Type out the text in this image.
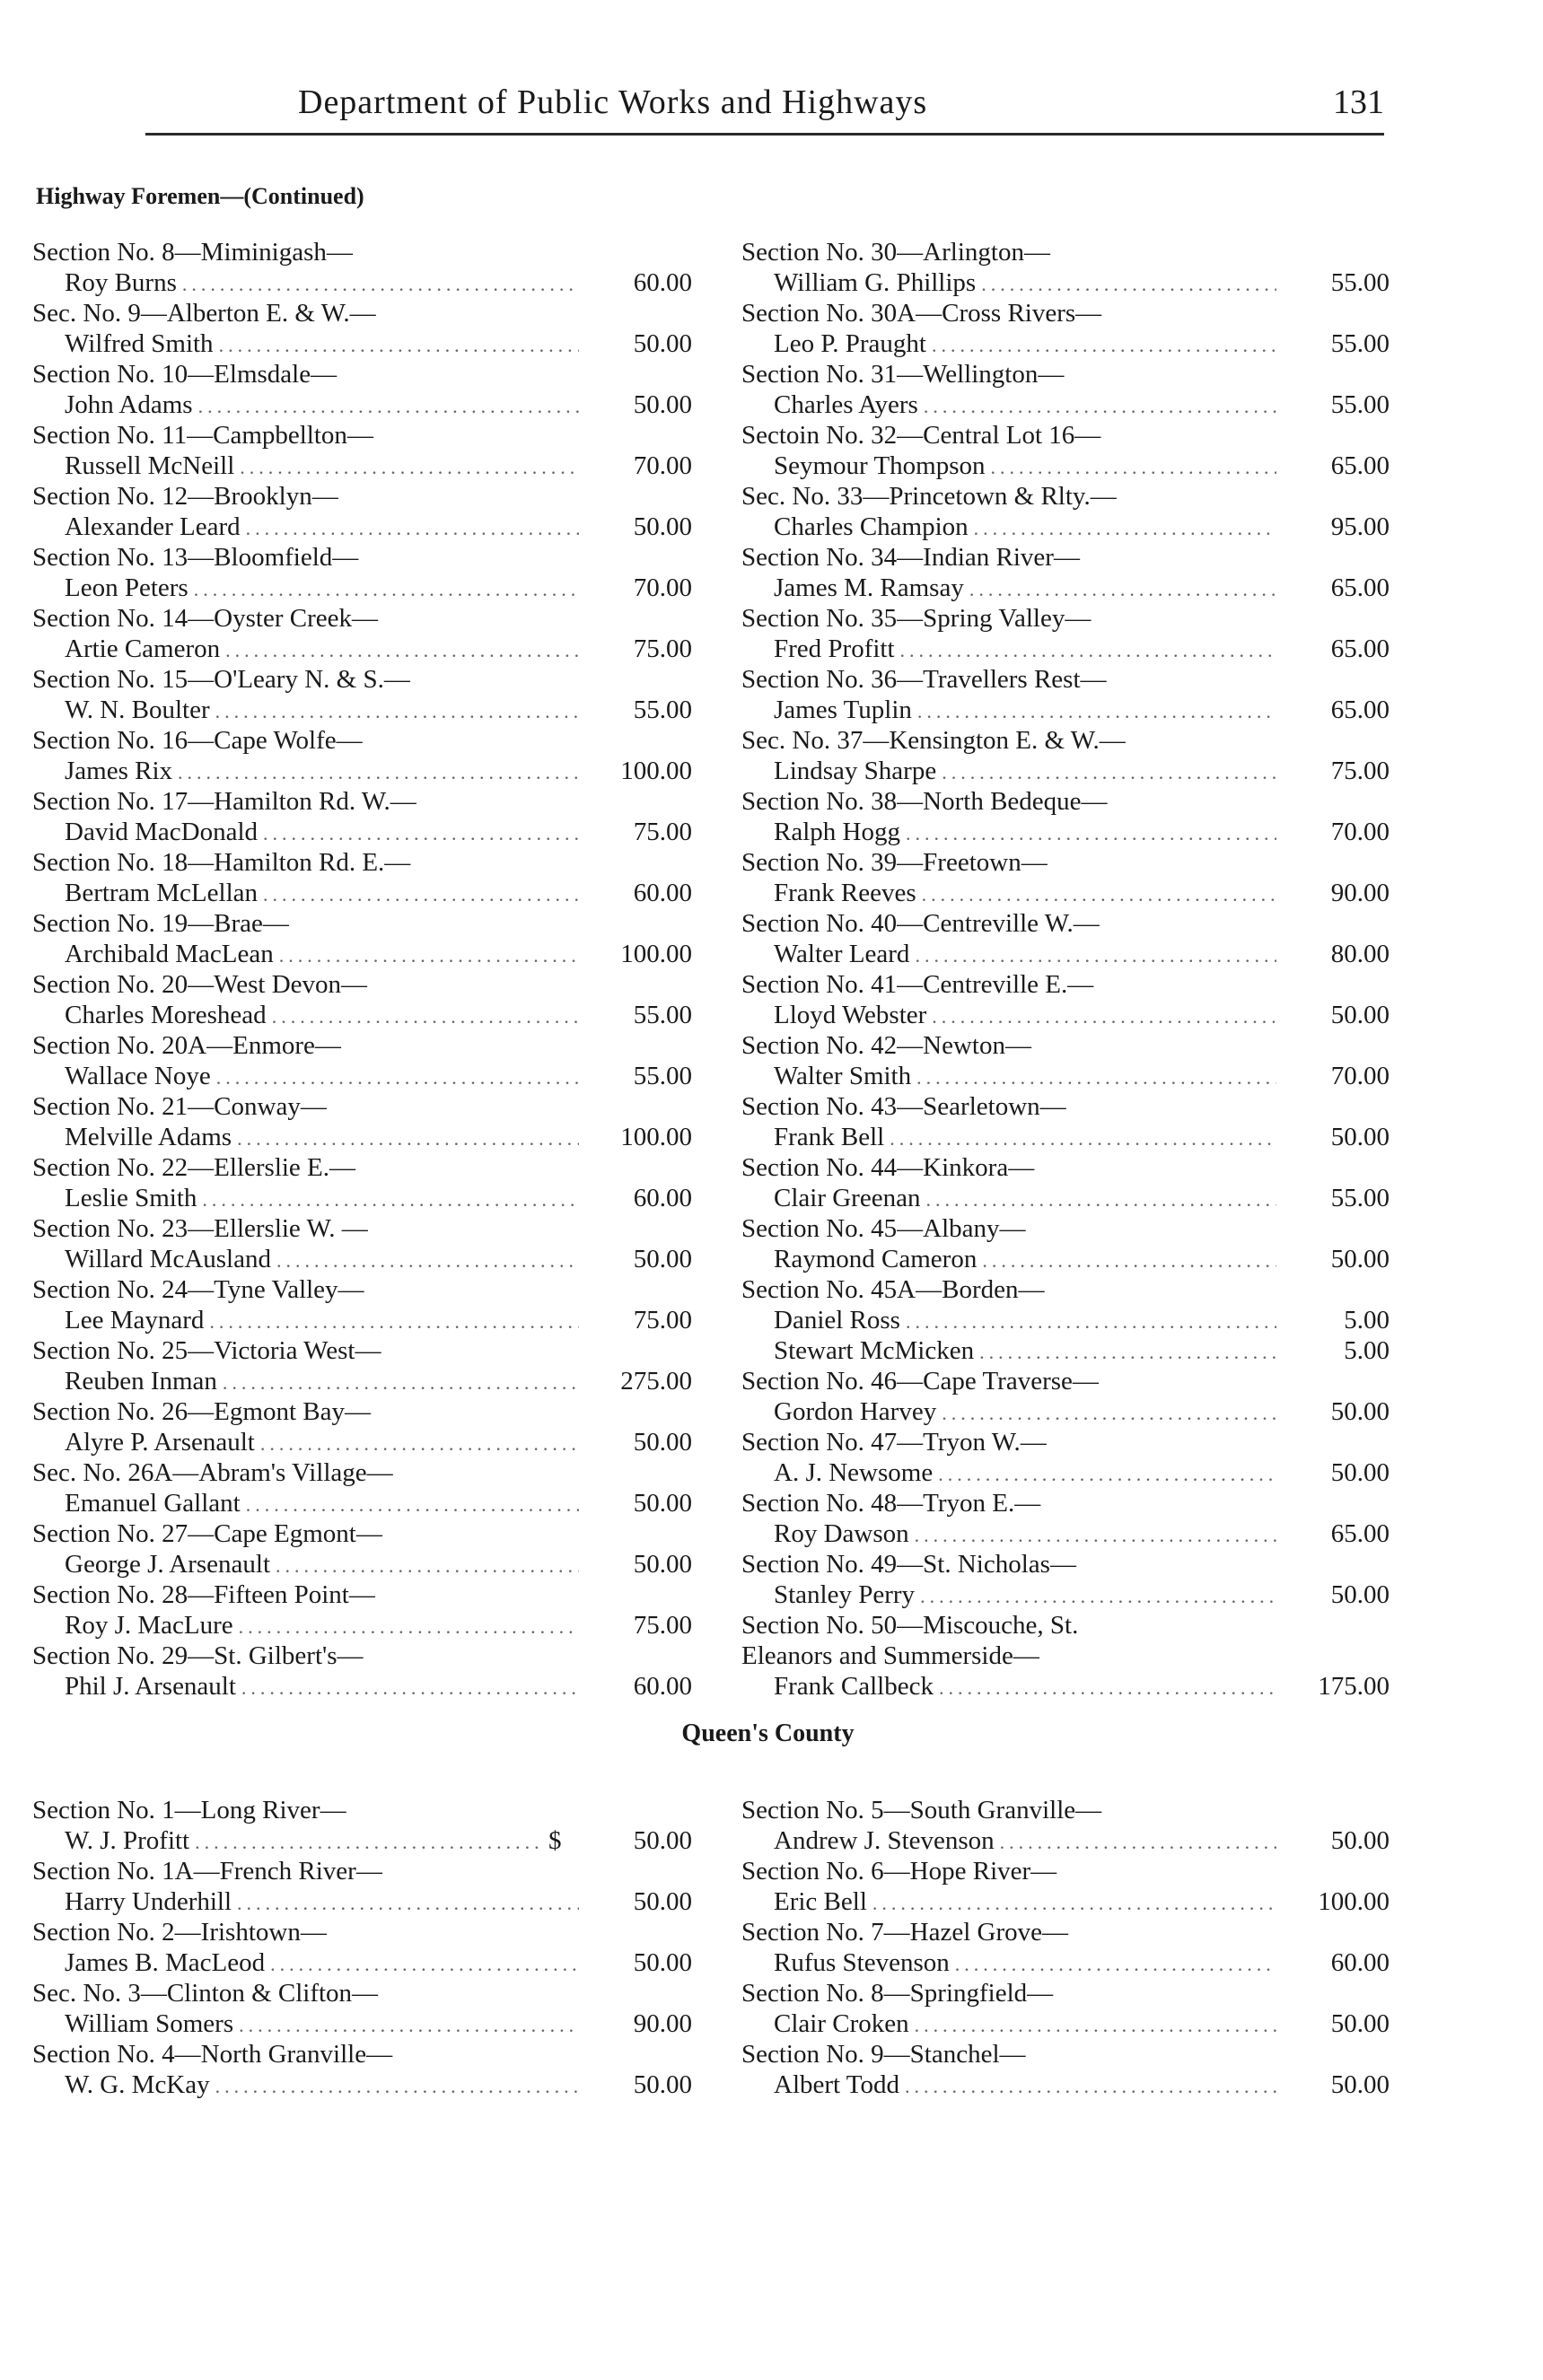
Department of Public Works and Highways	131
Highway Foremen—(Continued)
Section No. 8—Miminigash—
Roy Burns .....	60.00
Sec. No. 9—Alberton E. & W.—
Wilfred Smith .....	50.00
Section No. 10—Elmsdale—
John Adams .....	50.00
Section No. 11—Campbellton—
Russell McNeill .....	70.00
Section No. 12—Brooklyn—
Alexander Leard .....	50.00
Section No. 13—Bloomfield—
Leon Peters .....	70.00
Section No. 14—Oyster Creek—
Artie Cameron .....	75.00
Section No. 15—O'Leary N. & S.—
W. N. Boulter .....	55.00
Section No. 16—Cape Wolfe—
James Rix .....	100.00
Section No. 17—Hamilton Rd. W.—
David MacDonald .....	75.00
Section No. 18—Hamilton Rd. E.—
Bertram McLellan .....	60.00
Section No. 19—Brae—
Archibald MacLean .....	100.00
Section No. 20—West Devon—
Charles Moreshead .....	55.00
Section No. 20A—Enmore—
Wallace Noye .....	55.00
Section No. 21—Conway—
Melville Adams .....	100.00
Section No. 22—Ellerslie E.—
Leslie Smith .....	60.00
Section No. 23—Ellerslie W. —
Willard McAusland .....	50.00
Section No. 24—Tyne Valley—
Lee Maynard .....	75.00
Section No. 25—Victoria West—
Reuben Inman .....	275.00
Section No. 26—Egmont Bay—
Alyre P. Arsenault .....	50.00
Sec. No. 26A—Abram's Village—
Emanuel Gallant .....	50.00
Section No. 27—Cape Egmont—
George J. Arsenault .....	50.00
Section No. 28—Fifteen Point—
Roy J. MacLure .....	75.00
Section No. 29—St. Gilbert's—
Phil J. Arsenault .....	60.00
Section No. 30—Arlington—
William G. Phillips .....	55.00
Section No. 30A—Cross Rivers—
Leo P. Praught .....	55.00
Section No. 31—Wellington—
Charles Ayers .....	55.00
Sectoin No. 32—Central Lot 16—
Seymour Thompson .....	65.00
Sec. No. 33—Princetown & Rlty.—
Charles Champion .....	95.00
Section No. 34—Indian River—
James M. Ramsay .....	65.00
Section No. 35—Spring Valley—
Fred Profitt .....	65.00
Section No. 36—Travellers Rest—
James Tuplin .....	65.00
Sec. No. 37—Kensington E. & W.—
Lindsay Sharpe .....	75.00
Section No. 38—North Bedeque—
Ralph Hogg .....	70.00
Section No. 39—Freetown—
Frank Reeves .....	90.00
Section No. 40—Centreville W.—
Walter Leard .....	80.00
Section No. 41—Centreville E.—
Lloyd Webster .....	50.00
Section No. 42—Newton—
Walter Smith .....	70.00
Section No. 43—Searletown—
Frank Bell .....	50.00
Section No. 44—Kinkora—
Clair Greenan .....	55.00
Section No. 45—Albany—
Raymond Cameron .....	50.00
Section No. 45A—Borden—
Daniel Ross .....	5.00
Stewart McMicken .....	5.00
Section No. 46—Cape Traverse—
Gordon Harvey .....	50.00
Section No. 47—Tryon W.—
A. J. Newsome .....	50.00
Section No. 48—Tryon E.—
Roy Dawson .....	65.00
Section No. 49—St. Nicholas—
Stanley Perry .....	50.00
Section No. 50—Miscouche, St.
Eleanors and Summerside—
Frank Callbeck .....	175.00
Queen's County
Section No. 1—Long River—
W. J. Profitt .....	$	50.00
Section No. 1A—French River—
Harry Underhill .....	50.00
Section No. 2—Irishtown—
James B. MacLeod .....	50.00
Sec. No. 3—Clinton & Clifton—
William Somers .....	90.00
Section No. 4—North Granville—
W. G. McKay .....	50.00
Section No. 5—South Granville—
Andrew J. Stevenson .....	50.00
Section No. 6—Hope River—
Eric Bell .....	100.00
Section No. 7—Hazel Grove—
Rufus Stevenson .....	60.00
Section No. 8—Springfield—
Clair Croken .....	50.00
Section No. 9—Stanchel—
Albert Todd .....	50.00
